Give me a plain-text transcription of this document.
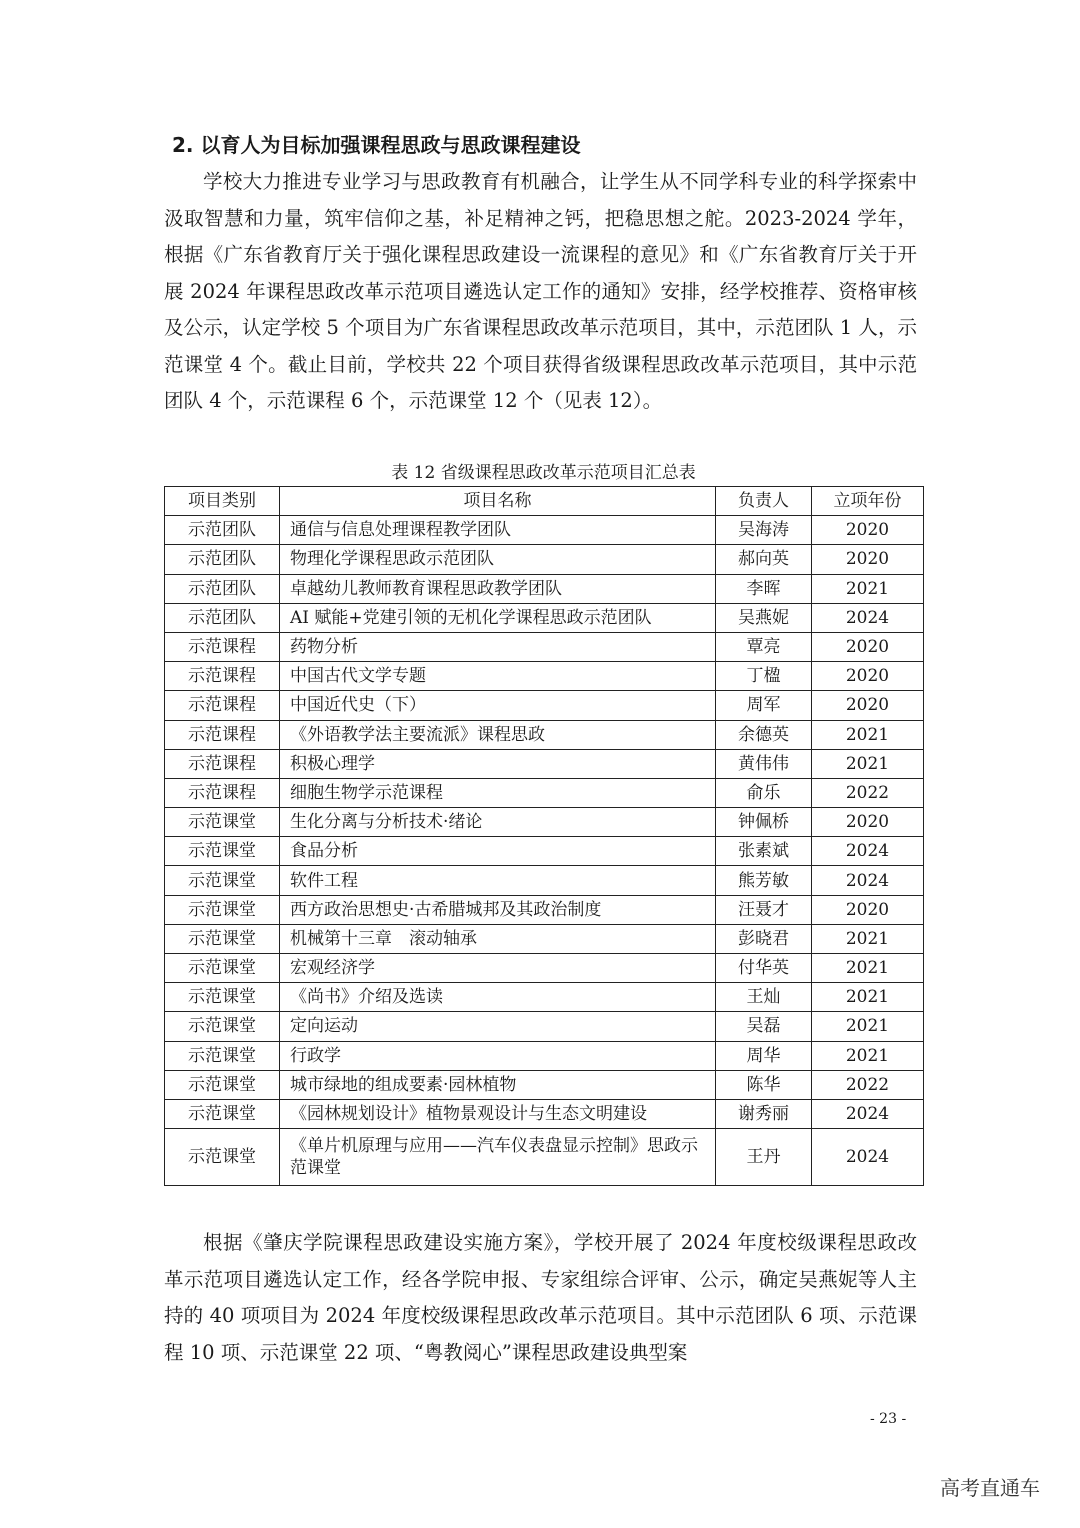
2. 以育人为目标加强课程思政与思政课程建设

学校大力推进专业学习与思政教育有机融合，让学生从不同学科专业的科学探索中汲取智慧和力量，筑牢信仰之基，补足精神之钙，把稳思想之舵。2023-2024 学年，根据《广东省教育厅关于强化课程思政建设一流课程的意见》和《广东省教育厅关于开展 2024 年课程思政改革示范项目遴选认定工作的通知》安排，经学校推荐、资格审核及公示，认定学校 5 个项目为广东省课程思政改革示范项目，其中，示范团队 1 人，示范课堂 4 个。截止目前，学校共 22 个项目获得省级课程思政改革示范项目，其中示范团队 4 个，示范课程 6 个，示范课堂 12 个（见表 12）。

表 12 省级课程思政改革示范项目汇总表

项目类别	项目名称	负责人	立项年份
示范团队	通信与信息处理课程教学团队	吴海涛	2020
示范团队	物理化学课程思政示范团队	郝向英	2020
示范团队	卓越幼儿教师教育课程思政教学团队	李晖	2021
示范团队	AI 赋能+党建引领的无机化学课程思政示范团队	吴燕妮	2024
示范课程	药物分析	覃亮	2020
示范课程	中国古代文学专题	丁楹	2020
示范课程	中国近代史（下）	周军	2020
示范课程	《外语教学法主要流派》课程思政	余德英	2021
示范课程	积极心理学	黄伟伟	2021
示范课程	细胞生物学示范课程	俞乐	2022
示范课堂	生化分离与分析技术·绪论	钟佩桥	2020
示范课堂	食品分析	张素斌	2024
示范课堂	软件工程	熊芳敏	2024
示范课堂	西方政治思想史·古希腊城邦及其政治制度	汪聂才	2020
示范课堂	机械第十三章　滚动轴承	彭晓君	2021
示范课堂	宏观经济学	付华英	2021
示范课堂	《尚书》介绍及选读	王灿	2021
示范课堂	定向运动	吴磊	2021
示范课堂	行政学	周华	2021
示范课堂	城市绿地的组成要素·园林植物	陈华	2022
示范课堂	《园林规划设计》植物景观设计与生态文明建设	谢秀丽	2024
示范课堂	《单片机原理与应用——汽车仪表盘显示控制》思政示范课堂	王丹	2024

根据《肇庆学院课程思政建设实施方案》，学校开展了 2024 年度校级课程思政改革示范项目遴选认定工作，经各学院申报、专家组综合评审、公示，确定吴燕妮等人主持的 40 项项目为 2024 年度校级课程思政改革示范项目。其中示范团队 6 项、示范课程 10 项、示范课堂 22 项、“粤教阅心”课程思政建设典型案

- 23 -

高考直通车
